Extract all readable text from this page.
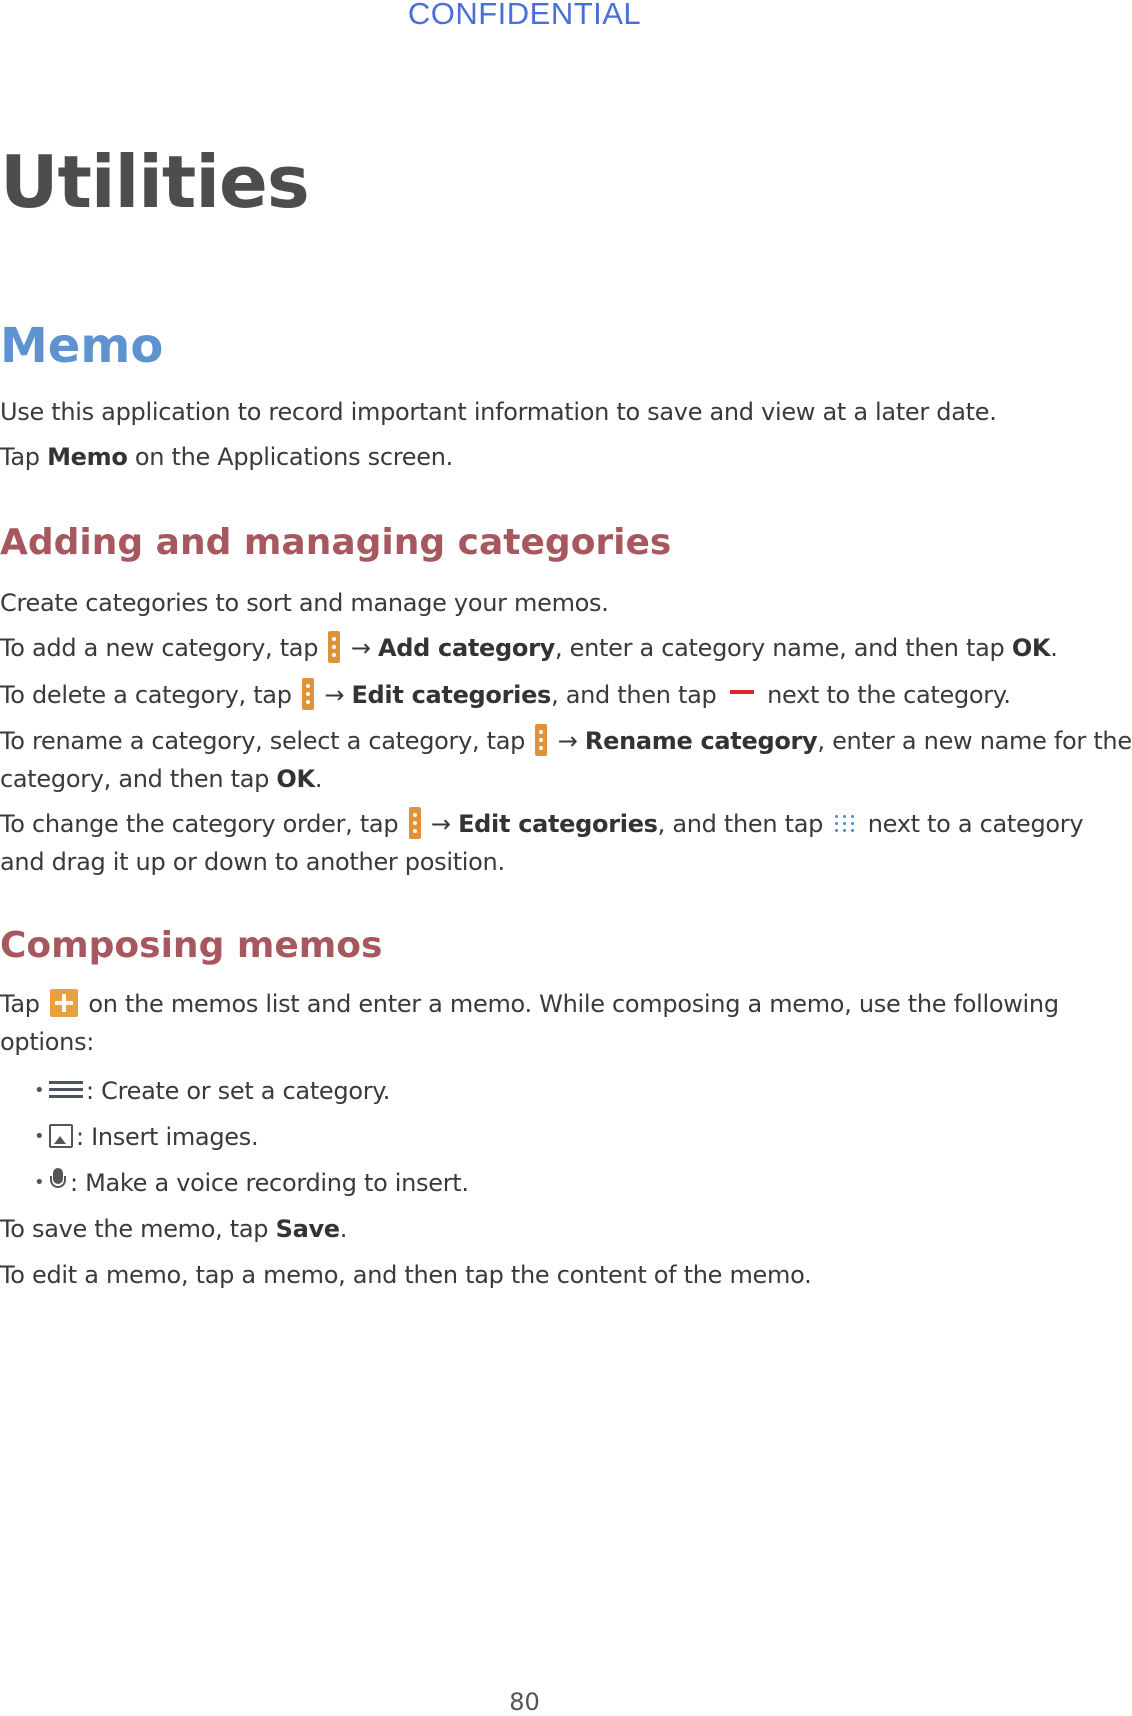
CONFIDENTIAL
Utilities
Memo

Use this application to record important information to save and view at a later date.

Tap Memo on the Applications screen.

Adding and managing categories

Create categories to sort and manage your memos.

To add a new category, tap  → Add category, enter a category name, and then tap OK.

To delete a category, tap  → Edit categories, and then tap  next to the category.

To rename a category, select a category, tap  → Rename category, enter a new name for the

category, and then tap OK.

To change the category order, tap  → Edit categories, and then tap
next to a category

and drag it up or down to another position.

Composing memos

Tap  on the memos list and enter a memo. While composing a memo, use the following

options:

•	: Create or set a category.

•	: Insert images.

•	: Make a voice recording to insert.

To save the memo, tap Save.

To edit a memo, tap a memo, and then tap the content of the memo.

80
